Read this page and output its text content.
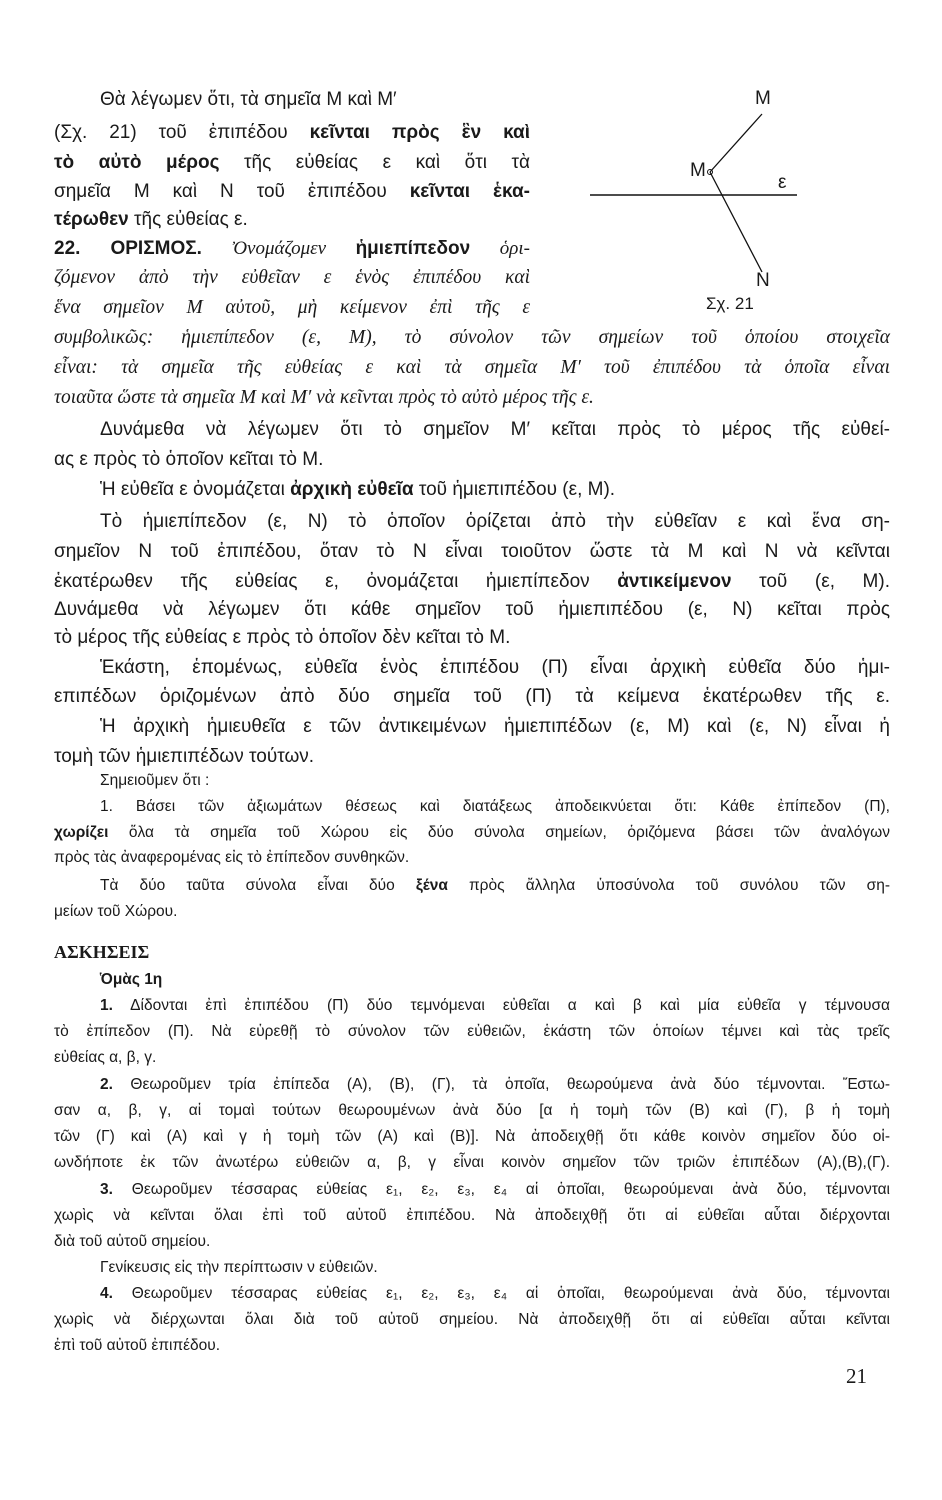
M
M
ε
N
Σχ. 21
Θὰ λέγωμεν ὅτι, τὰ σημεῖα Μ καὶ Μ′
(Σχ. 21) τοῦ ἐπιπέδου κεῖνται πρὸς ἓν καὶ
τὸ αὐτὸ μέρος τῆς εὐθείας ε καὶ ὅτι τὰ
σημεῖα Μ καὶ Ν τοῦ ἐπιπέδου κεῖνται ἑκα-
τέρωθεν τῆς εὐθείας ε.
22. ΟΡΙΣΜΟΣ. Ὀνομάζομεν ἡμιεπίπεδον ὁρι-
ζόμενον ἀπὸ τὴν εὐθεῖαν ε ἑνὸς ἐπιπέδου καὶ
ἕνα σημεῖον Μ αὐτοῦ, μὴ κείμενον ἐπὶ τῆς ε
συμβολικῶς: ἡμιεπίπεδον (ε, Μ), τὸ σύνολον τῶν σημείων τοῦ ὁποίου στοιχεῖα
εἶναι: τὰ σημεῖα τῆς εὐθείας ε καὶ τὰ σημεῖα Μ′ τοῦ ἐπιπέδου τὰ ὁποῖα εἶναι
τοιαῦτα ὥστε τὰ σημεῖα Μ καὶ Μ′ νὰ κεῖνται πρὸς τὸ αὐτὸ μέρος τῆς ε.
Δυνάμεθα νὰ λέγωμεν ὅτι τὸ σημεῖον Μ′ κεῖται πρὸς τὸ μέρος τῆς εὐθεί-
ας ε πρὸς τὸ ὁποῖον κεῖται τὸ Μ.
Ἡ εὐθεῖα ε ὀνομάζεται ἀρχικὴ εὐθεῖα τοῦ ἡμιεπιπέδου (ε, Μ).
Τὸ ἡμιεπίπεδον (ε, Ν) τὸ ὁποῖον ὁρίζεται ἀπὸ τὴν εὐθεῖαν ε καὶ ἕνα ση-
σημεῖον Ν τοῦ ἐπιπέδου, ὅταν τὸ Ν εἶναι τοιοῦτον ὥστε τὰ Μ καὶ Ν νὰ κεῖνται
ἑκατέρωθεν τῆς εὐθείας ε, ὀνομάζεται ἡμιεπίπεδον ἀντικείμενον τοῦ (ε, Μ).
Δυνάμεθα νὰ λέγωμεν ὅτι κάθε σημεῖον τοῦ ἡμιεπιπέδου (ε, Ν) κεῖται πρὸς
τὸ μέρος τῆς εὐθείας ε πρὸς τὸ ὁποῖον δὲν κεῖται τὸ Μ.
Ἑκάστη, ἑπομένως, εὐθεῖα ἑνὸς ἐπιπέδου (Π) εἶναι ἀρχικὴ εὐθεῖα δύο ἡμι-
επιπέδων ὁριζομένων ἀπὸ δύο σημεῖα τοῦ (Π) τὰ κείμενα ἑκατέρωθεν τῆς ε.
Ἡ ἀρχικὴ ἡμιευθεῖα ε τῶν ἀντικειμένων ἡμιεπιπέδων (ε, Μ) καὶ (ε, Ν) εἶναι ἡ
τομὴ τῶν ἡμιεπιπέδων τούτων.
Σημειοῦμεν ὅτι :
1. Βάσει τῶν ἀξιωμάτων θέσεως καὶ διατάξεως ἀποδεικνύεται ὅτι: Κάθε ἐπίπεδον (Π),
χωρίζει ὅλα τὰ σημεῖα τοῦ Χώρου εἰς δύο σύνολα σημείων, ὁριζόμενα βάσει τῶν ἀναλόγων
πρὸς τὰς ἀναφερομένας εἰς τὸ ἐπίπεδον συνθηκῶν.
Τὰ δύο ταῦτα σύνολα εἶναι δύο ξένα πρὸς ἄλληλα ὑποσύνολα τοῦ συνόλου τῶν ση-
μείων τοῦ Χώρου.
ΑΣΚΗΣΕΙΣ
Ὁμὰς 1η
1. Δίδονται ἐπὶ ἐπιπέδου (Π) δύο τεμνόμεναι εὐθεῖαι α καὶ β καὶ μία εὐθεῖα γ τέμνουσα
τὸ ἐπίπεδον (Π). Νὰ εὑρεθῇ τὸ σύνολον τῶν εὐθειῶν, ἑκάστη τῶν ὁποίων τέμνει καὶ τὰς τρεῖς
εὐθείας α, β, γ.
2. Θεωροῦμεν τρία ἐπίπεδα (Α), (Β), (Γ), τὰ ὁποῖα, θεωρούμενα ἀνὰ δύο τέμνονται. Ἔστω-
σαν α, β, γ, αἱ τομαὶ τούτων θεωρουμένων ἀνὰ δύο [α ἡ τομὴ τῶν (Β) καὶ (Γ), β ἡ τομὴ
τῶν (Γ) καὶ (Α) καὶ γ ἡ τομὴ τῶν (Α) καὶ (Β)]. Νὰ ἀποδειχθῇ ὅτι κάθε κοινὸν σημεῖον δύο οἱ-
ωνδήποτε ἐκ τῶν ἀνωτέρω εὐθειῶν α, β, γ εἶναι κοινὸν σημεῖον τῶν τριῶν ἐπιπέδων (Α),(Β),(Γ).
3. Θεωροῦμεν τέσσαρας εὐθείας ε₁, ε₂, ε₃, ε₄ αἱ ὁποῖαι, θεωρούμεναι ἀνὰ δύο, τέμνονται
χωρὶς νὰ κεῖνται ὅλαι ἐπὶ τοῦ αὐτοῦ ἐπιπέδου. Νὰ ἀποδειχθῇ ὅτι αἱ εὐθεῖαι αὗται διέρχονται
διὰ τοῦ αὐτοῦ σημείου.
Γενίκευσις εἰς τὴν περίπτωσιν ν εὐθειῶν.
4. Θεωροῦμεν τέσσαρας εὐθείας ε₁, ε₂, ε₃, ε₄ αἱ ὁποῖαι, θεωρούμεναι ἀνὰ δύο, τέμνονται
χωρὶς νὰ διέρχωνται ὅλαι διὰ τοῦ αὐτοῦ σημείου. Νὰ ἀποδειχθῇ ὅτι αἱ εὐθεῖαι αὗται κεῖνται
ἐπὶ τοῦ αὐτοῦ ἐπιπέδου.
21
